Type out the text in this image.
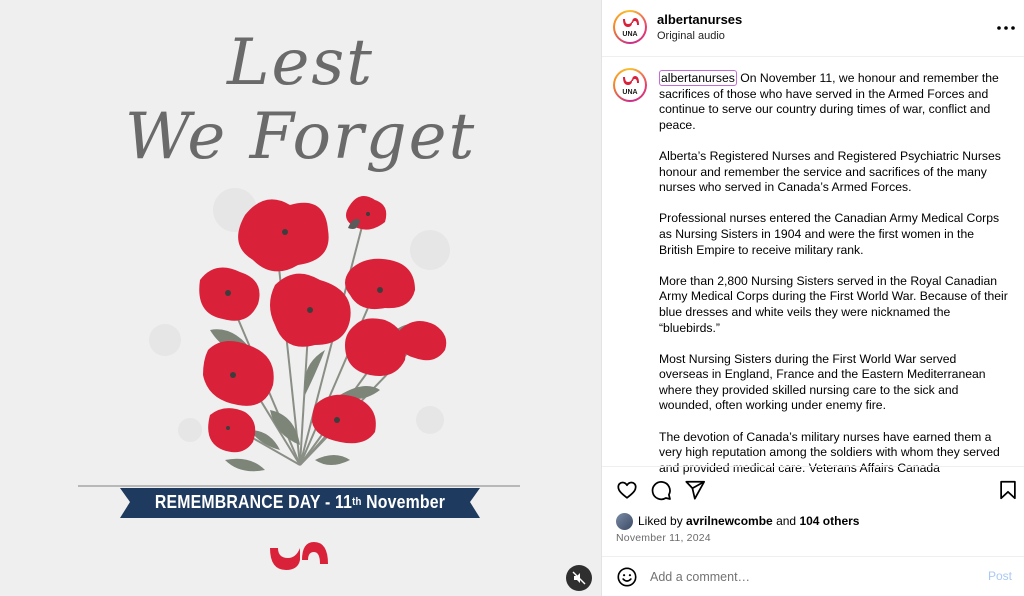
Lest
We Forget
REMEMBRANCE DAY - 11 th November
UNA
albertanurses
Original audio
UNA
albertanurses On November 11, we honour and remember the sacrifices of those who have served in the Armed Forces and continue to serve our country during times of war, conflict and peace.
Alberta’s Registered Nurses and Registered Psychiatric Nurses honour and remember the service and sacrifices of the many nurses who served in Canada’s Armed Forces.
Professional nurses entered the Canadian Army Medical Corps as Nursing Sisters in 1904 and were the first women in the British Empire to receive military rank.
More than 2,800 Nursing Sisters served in the Royal Canadian Army Medical Corps during the First World War. Because of their blue dresses and white veils they were nicknamed the “bluebirds.”
Most Nursing Sisters during the First World War served overseas in England, France and the Eastern Mediterranean where they provided skilled nursing care to the sick and wounded, often working under enemy fire.
The devotion of Canada’s military nurses have earned them a very high reputation among the soldiers with whom they served and provided medical care. Veterans Affairs Canada
Liked by avrilnewcombe and 104 others
November 11, 2024
Add a comment…
Post
